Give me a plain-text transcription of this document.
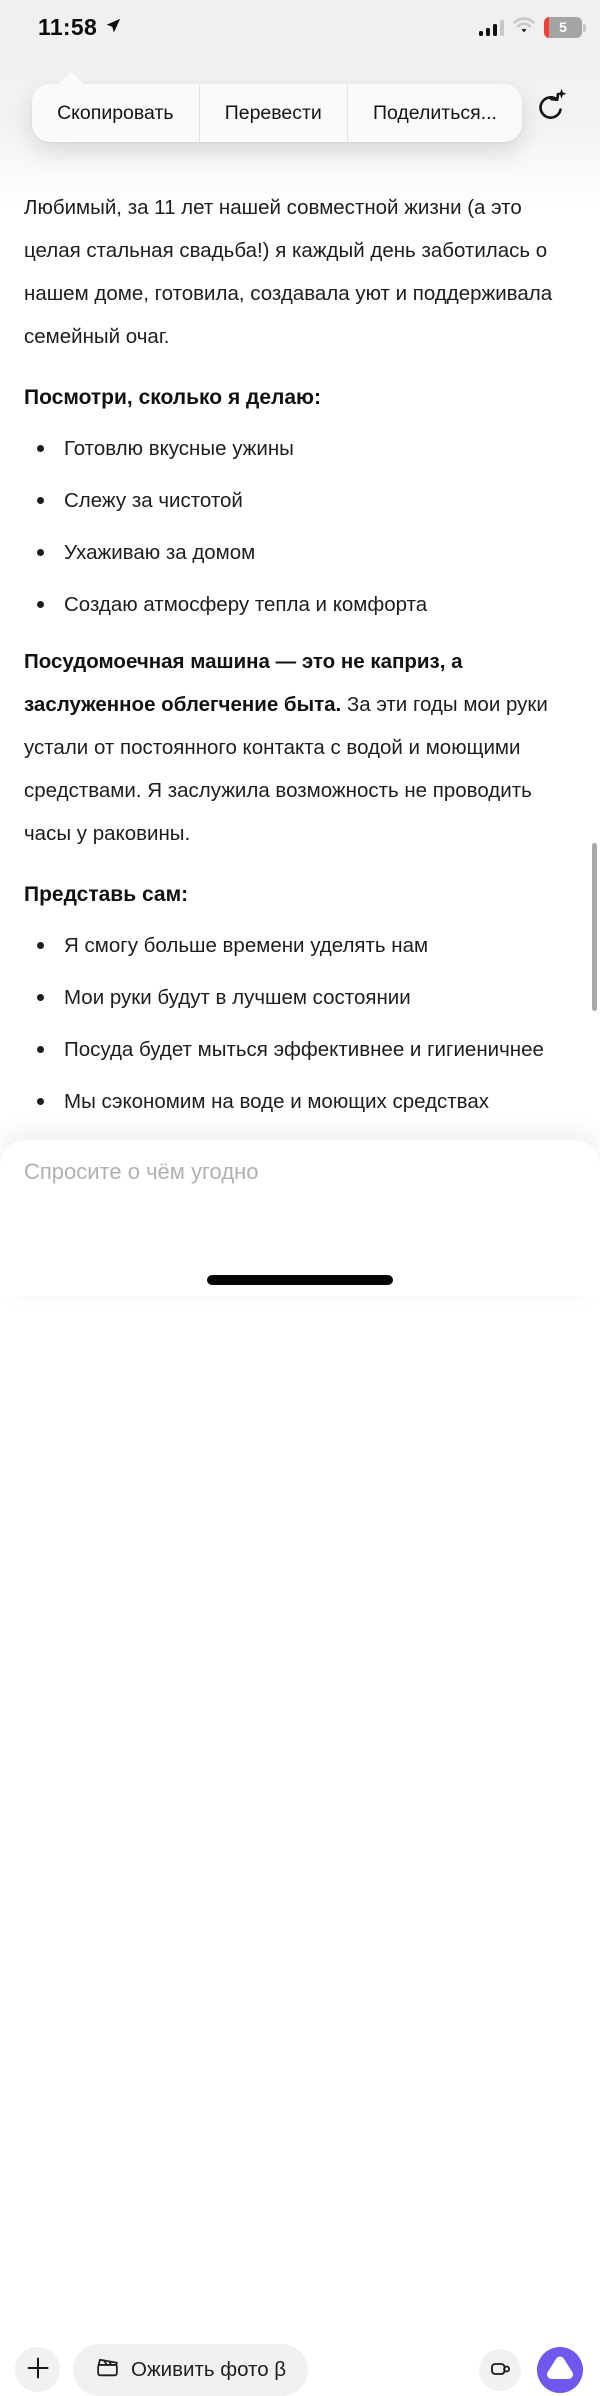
11:58	5
Скопировать	Перевести	Поделиться...

Любимый, за 11 лет нашей совместной жизни (а это целая стальная свадьба!) я каждый день заботилась о нашем доме, готовила, создавала уют и поддерживала семейный очаг.

Посмотри, сколько я делаю:

Готовлю вкусные ужины
Слежу за чистотой
Ухаживаю за домом
Создаю атмосферу тепла и комфорта

Посудомоечная машина — это не каприз, а заслуженное облегчение быта. За эти годы мои руки устали от постоянного контакта с водой и моющими средствами. Я заслужила возможность не проводить часы у раковины.

Представь сам:

Я смогу больше времени уделять нам
Мои руки будут в лучшем состоянии
Посуда будет мыться эффективнее и гигиеничнее
Мы сэкономим на воде и моющих средствах
Спросите о чём угодно
Оживить фото β
